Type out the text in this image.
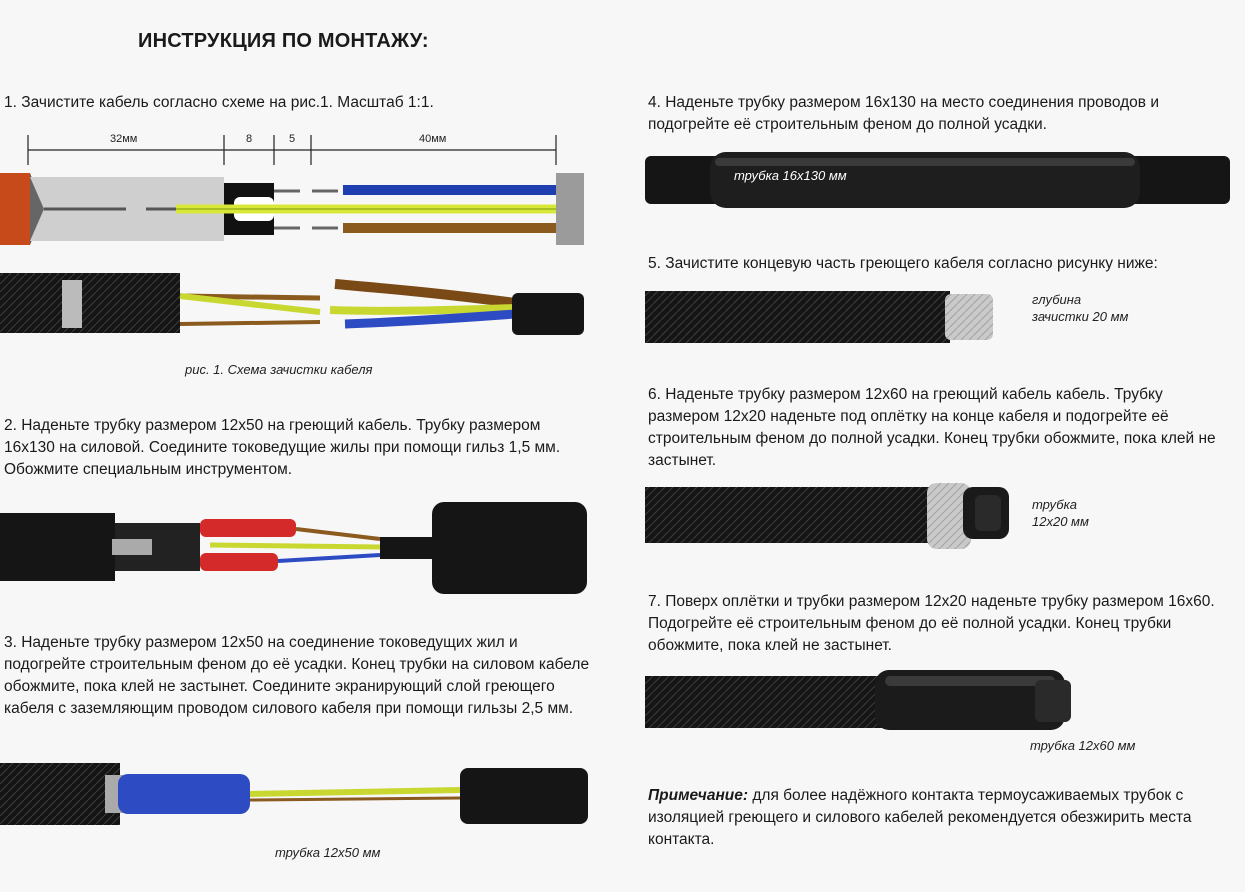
ИНСТРУКЦИЯ ПО МОНТАЖУ:
1. Зачистите кабель согласно схеме на рис.1. Масштаб 1:1.
32мм	8	5	40мм
рис. 1. Схема зачистки кабеля
2. Наденьте трубку размером 12х50 на греющий кабель. Трубку размером 16х130 на силовой. Соедините токоведущие жилы при помощи гильз 1,5 мм. Обожмите специальным инструментом.
3. Наденьте трубку размером 12х50 на соединение токоведущих жил и подогрейте строительным феном до её усадки. Конец трубки на силовом кабеле обожмите, пока клей не застынет. Соедините экранирующий слой греющего кабеля с заземляющим проводом силового кабеля при помощи гильзы 2,5 мм.
трубка 12х50 мм
4. Наденьте трубку размером 16х130 на место соединения проводов и подогрейте её строительным феном до полной усадки.
трубка 16х130 мм
5. Зачистите концевую часть греющего кабеля согласно рисунку ниже:
глубина
зачистки 20 мм
6. Наденьте трубку размером 12х60 на греющий кабель кабель. Трубку размером 12х20 наденьте под оплётку на конце кабеля и подогрейте её строительным феном до полной усадки. Конец трубки обожмите, пока клей не застынет.
трубка
12х20 мм
7. Поверх оплётки и трубки размером 12х20 наденьте трубку размером 16х60. Подогрейте её строительным феном до её полной усадки. Конец трубки обожмите, пока клей не застынет.
трубка 12х60 мм
Примечание: для более надёжного контакта термоусаживаемых трубок с изоляцией греющего и силового кабелей рекомендуется обезжирить места контакта.
